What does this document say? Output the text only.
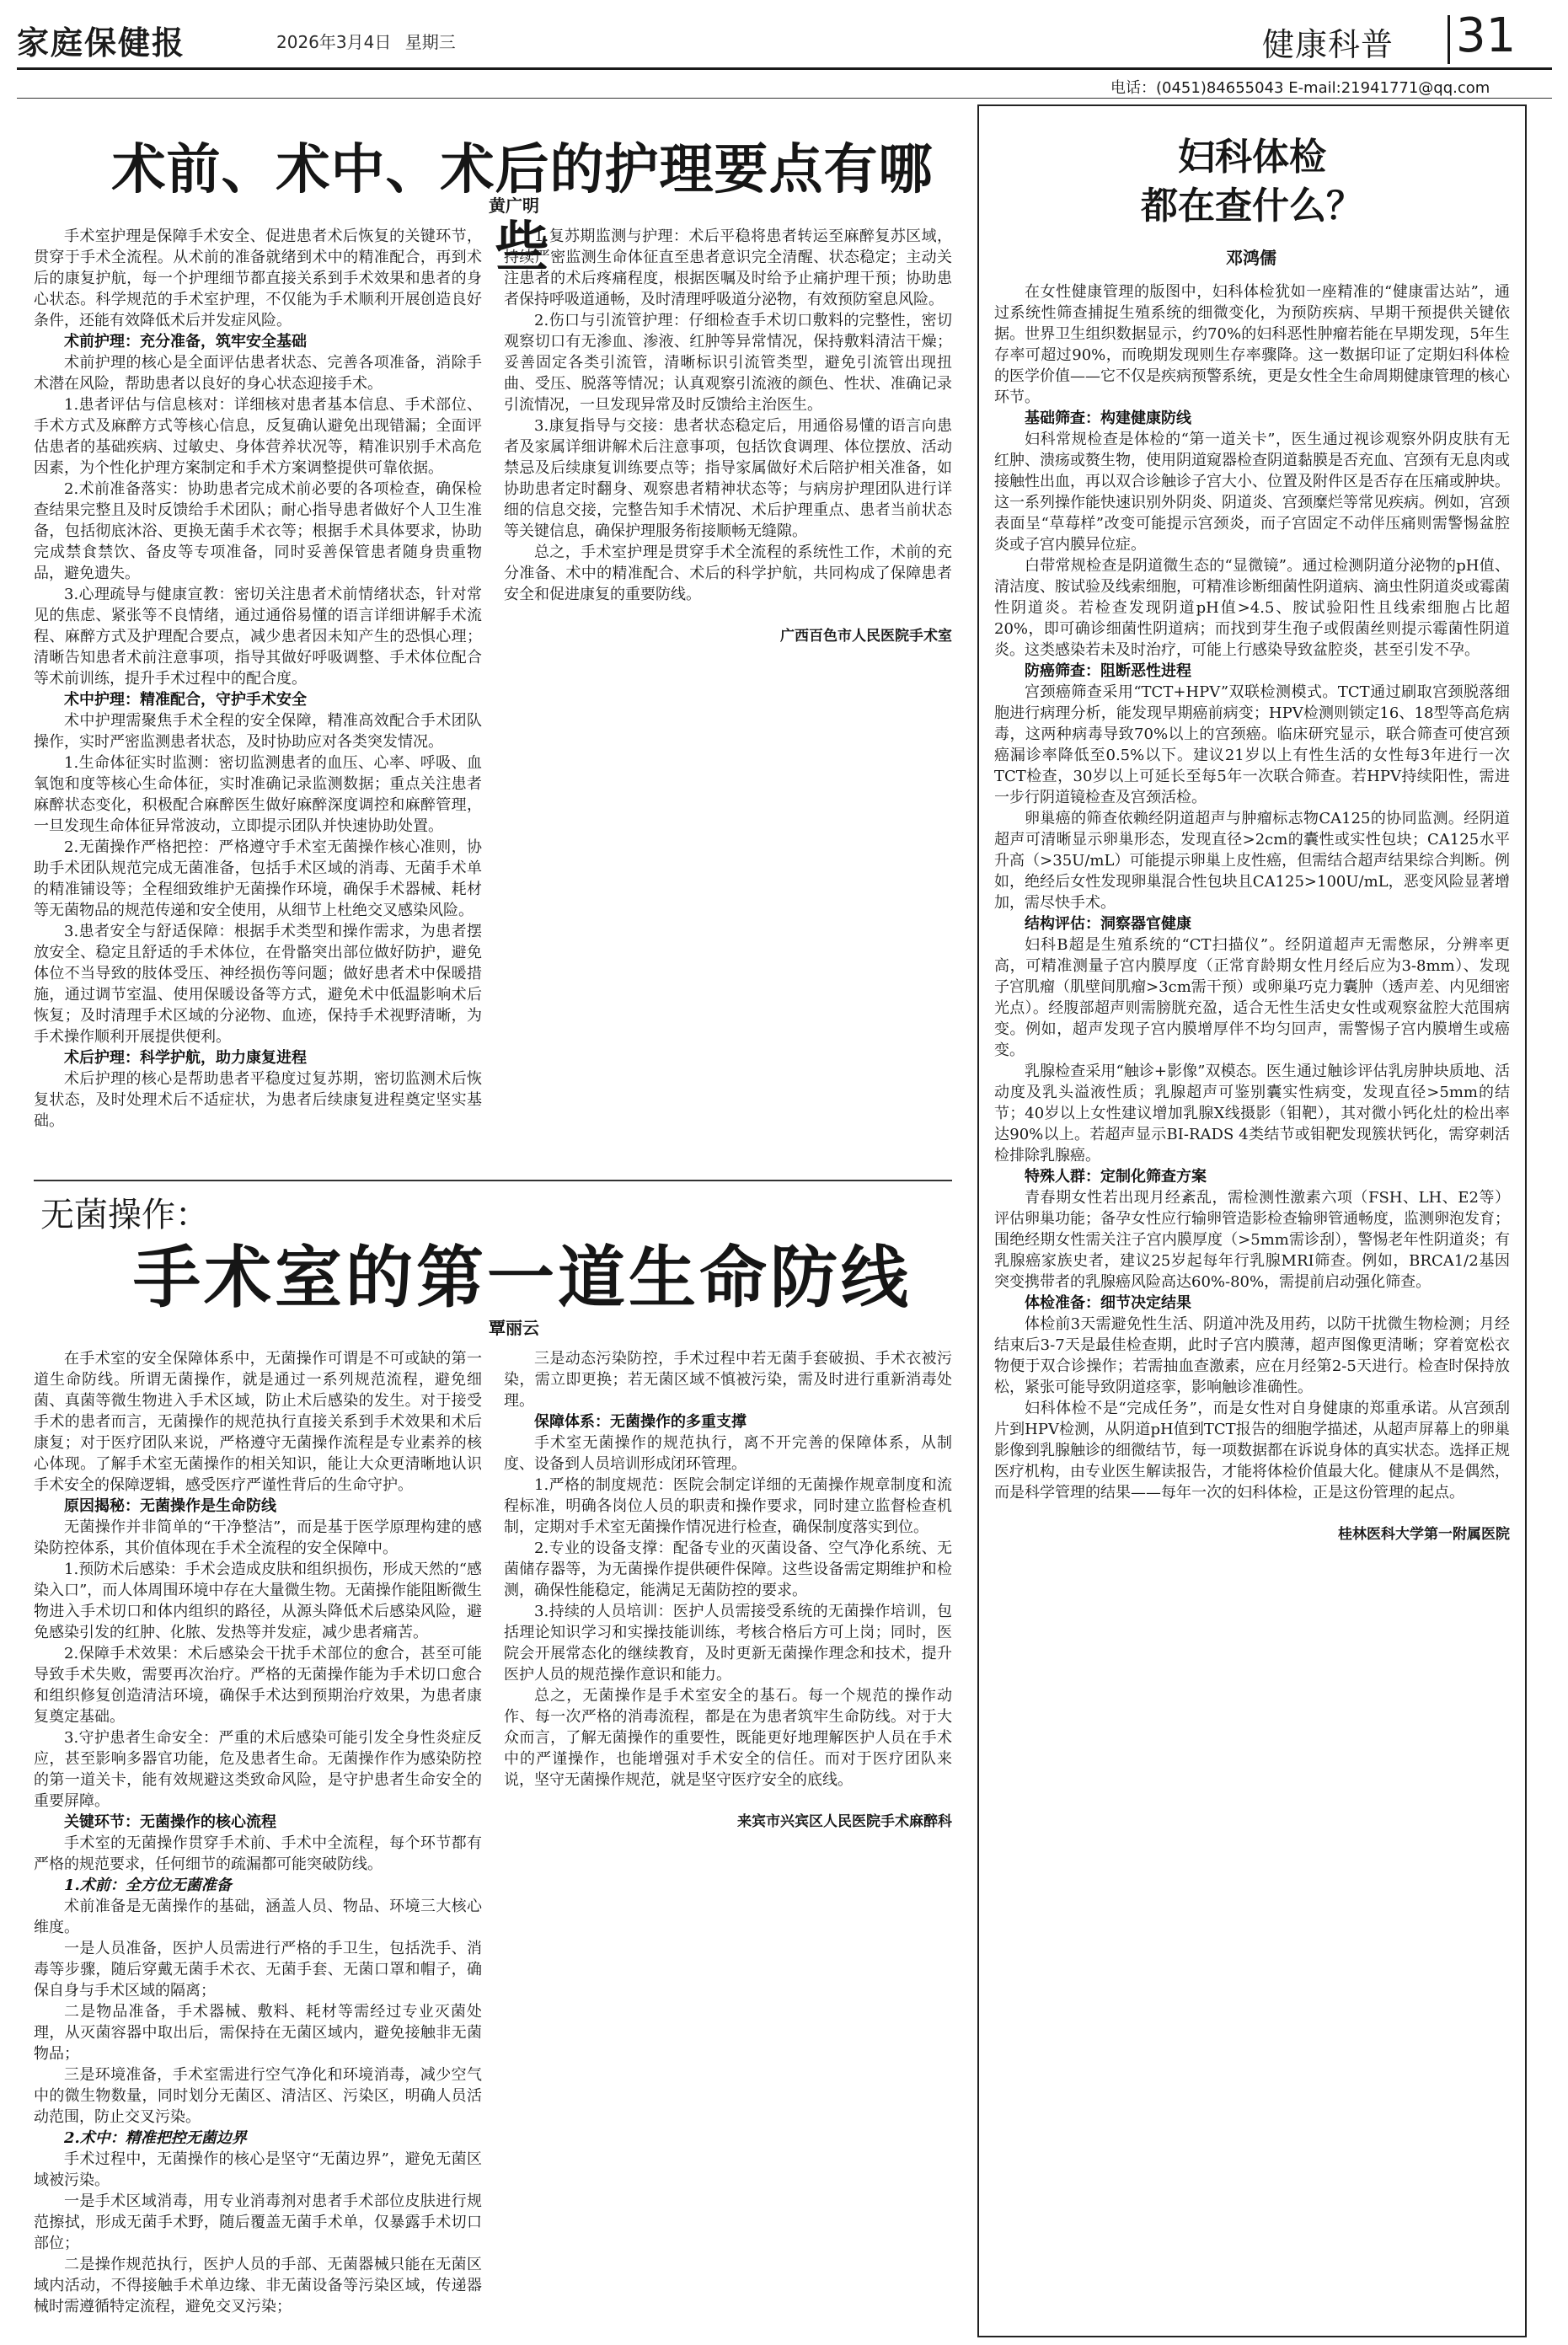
家庭保健报	2026年3月4日 星期三	健康科普 31
电话：(0451)84655043 E-mail:21941771@qq.com
术前、术中、术后的护理要点有哪些
黄广明

手术室护理是保障手术安全、促进患者术后恢复的关键环节，贯穿于手术全流程。从术前的准备就绪到术中的精准配合，再到术后的康复护航，每一个护理细节都直接关系到手术效果和患者的身心状态。科学规范的手术室护理，不仅能为手术顺利开展创造良好条件，还能有效降低术后并发症风险。

术前护理：充分准备，筑牢安全基础

术前护理的核心是全面评估患者状态、完善各项准备，消除手术潜在风险，帮助患者以良好的身心状态迎接手术。

1.患者评估与信息核对：详细核对患者基本信息、手术部位、手术方式及麻醉方式等核心信息，反复确认避免出现错漏；全面评估患者的基础疾病、过敏史、身体营养状况等，精准识别手术高危因素，为个性化护理方案制定和手术方案调整提供可靠依据。

2.术前准备落实：协助患者完成术前必要的各项检查，确保检查结果完整且及时反馈给手术团队；耐心指导患者做好个人卫生准备，包括彻底沐浴、更换无菌手术衣等；根据手术具体要求，协助完成禁食禁饮、备皮等专项准备，同时妥善保管患者随身贵重物品，避免遗失。

3.心理疏导与健康宣教：密切关注患者术前情绪状态，针对常见的焦虑、紧张等不良情绪，通过通俗易懂的语言详细讲解手术流程、麻醉方式及护理配合要点，减少患者因未知产生的恐惧心理；清晰告知患者术前注意事项，指导其做好呼吸调整、手术体位配合等术前训练，提升手术过程中的配合度。

术中护理：精准配合，守护手术安全

术中护理需聚焦手术全程的安全保障，精准高效配合手术团队操作，实时严密监测患者状态，及时协助应对各类突发情况。

1.生命体征实时监测：密切监测患者的血压、心率、呼吸、血氧饱和度等核心生命体征，实时准确记录监测数据；重点关注患者麻醉状态变化，积极配合麻醉医生做好麻醉深度调控和麻醉管理，一旦发现生命体征异常波动，立即提示团队并快速协助处置。

2.无菌操作严格把控：严格遵守手术室无菌操作核心准则，协助手术团队规范完成无菌准备，包括手术区域的消毒、无菌手术单的精准铺设等；全程细致维护无菌操作环境，确保手术器械、耗材等无菌物品的规范传递和安全使用，从细节上杜绝交叉感染风险。

3.患者安全与舒适保障：根据手术类型和操作需求，为患者摆放安全、稳定且舒适的手术体位，在骨骼突出部位做好防护，避免体位不当导致的肢体受压、神经损伤等问题；做好患者术中保暖措施，通过调节室温、使用保暖设备等方式，避免术中低温影响术后恢复；及时清理手术区域的分泌物、血迹，保持手术视野清晰，为手术操作顺利开展提供便利。

术后护理：科学护航，助力康复进程

术后护理的核心是帮助患者平稳度过复苏期，密切监测术后恢复状态，及时处理术后不适症状，为患者后续康复进程奠定坚实基础。

1.复苏期监测与护理：术后平稳将患者转运至麻醉复苏区域，持续严密监测生命体征直至患者意识完全清醒、状态稳定；主动关注患者的术后疼痛程度，根据医嘱及时给予止痛护理干预；协助患者保持呼吸道通畅，及时清理呼吸道分泌物，有效预防窒息风险。

2.伤口与引流管护理：仔细检查手术切口敷料的完整性，密切观察切口有无渗血、渗液、红肿等异常情况，保持敷料清洁干燥；妥善固定各类引流管，清晰标识引流管类型，避免引流管出现扭曲、受压、脱落等情况；认真观察引流液的颜色、性状、准确记录引流情况，一旦发现异常及时反馈给主治医生。

3.康复指导与交接：患者状态稳定后，用通俗易懂的语言向患者及家属详细讲解术后注意事项，包括饮食调理、体位摆放、活动禁忌及后续康复训练要点等；指导家属做好术后陪护相关准备，如协助患者定时翻身、观察患者精神状态等；与病房护理团队进行详细的信息交接，完整告知手术情况、术后护理重点、患者当前状态等关键信息，确保护理服务衔接顺畅无缝隙。

总之，手术室护理是贯穿手术全流程的系统性工作，术前的充分准备、术中的精准配合、术后的科学护航，共同构成了保障患者安全和促进康复的重要防线。

广西百色市人民医院手术室
无菌操作：
手术室的第一道生命防线
覃丽云

在手术室的安全保障体系中，无菌操作可谓是不可或缺的第一道生命防线。所谓无菌操作，就是通过一系列规范流程，避免细菌、真菌等微生物进入手术区域，防止术后感染的发生。对于接受手术的患者而言，无菌操作的规范执行直接关系到手术效果和术后康复；对于医疗团队来说，严格遵守无菌操作流程是专业素养的核心体现。了解手术室无菌操作的相关知识，能让大众更清晰地认识手术安全的保障逻辑，感受医疗严谨性背后的生命守护。

原因揭秘：无菌操作是生命防线

无菌操作并非简单的“干净整洁”，而是基于医学原理构建的感染防控体系，其价值体现在手术全流程的安全保障中。

1.预防术后感染：手术会造成皮肤和组织损伤，形成天然的“感染入口”，而人体周围环境中存在大量微生物。无菌操作能阻断微生物进入手术切口和体内组织的路径，从源头降低术后感染风险，避免感染引发的红肿、化脓、发热等并发症，减少患者痛苦。

2.保障手术效果：术后感染会干扰手术部位的愈合，甚至可能导致手术失败，需要再次治疗。严格的无菌操作能为手术切口愈合和组织修复创造清洁环境，确保手术达到预期治疗效果，为患者康复奠定基础。

3.守护患者生命安全：严重的术后感染可能引发全身性炎症反应，甚至影响多器官功能，危及患者生命。无菌操作作为感染防控的第一道关卡，能有效规避这类致命风险，是守护患者生命安全的重要屏障。

关键环节：无菌操作的核心流程

手术室的无菌操作贯穿手术前、手术中全流程，每个环节都有严格的规范要求，任何细节的疏漏都可能突破防线。

1.术前：全方位无菌准备

术前准备是无菌操作的基础，涵盖人员、物品、环境三大核心维度。

一是人员准备，医护人员需进行严格的手卫生，包括洗手、消毒等步骤，随后穿戴无菌手术衣、无菌手套、无菌口罩和帽子，确保自身与手术区域的隔离；

二是物品准备，手术器械、敷料、耗材等需经过专业灭菌处理，从灭菌容器中取出后，需保持在无菌区域内，避免接触非无菌物品；

三是环境准备，手术室需进行空气净化和环境消毒，减少空气中的微生物数量，同时划分无菌区、清洁区、污染区，明确人员活动范围，防止交叉污染。

2.术中：精准把控无菌边界

手术过程中，无菌操作的核心是坚守“无菌边界”，避免无菌区域被污染。

一是手术区域消毒，用专业消毒剂对患者手术部位皮肤进行规范擦拭，形成无菌手术野，随后覆盖无菌手术单，仅暴露手术切口部位；

二是操作规范执行，医护人员的手部、无菌器械只能在无菌区域内活动，不得接触手术单边缘、非无菌设备等污染区域，传递器械时需遵循特定流程，避免交叉污染；

三是动态污染防控，手术过程中若无菌手套破损、手术衣被污染，需立即更换；若无菌区域不慎被污染，需及时进行重新消毒处理。

保障体系：无菌操作的多重支撑

手术室无菌操作的规范执行，离不开完善的保障体系，从制度、设备到人员培训形成闭环管理。

1.严格的制度规范：医院会制定详细的无菌操作规章制度和流程标准，明确各岗位人员的职责和操作要求，同时建立监督检查机制，定期对手术室无菌操作情况进行检查，确保制度落实到位。

2.专业的设备支撑：配备专业的灭菌设备、空气净化系统、无菌储存器等，为无菌操作提供硬件保障。这些设备需定期维护和检测，确保性能稳定，能满足无菌防控的要求。

3.持续的人员培训：医护人员需接受系统的无菌操作培训，包括理论知识学习和实操技能训练，考核合格后方可上岗；同时，医院会开展常态化的继续教育，及时更新无菌操作理念和技术，提升医护人员的规范操作意识和能力。

总之，无菌操作是手术室安全的基石。每一个规范的操作动作、每一次严格的消毒流程，都是在为患者筑牢生命防线。对于大众而言，了解无菌操作的重要性，既能更好地理解医护人员在手术中的严谨操作，也能增强对手术安全的信任。而对于医疗团队来说，坚守无菌操作规范，就是坚守医疗安全的底线。

来宾市兴宾区人民医院手术麻醉科
妇科体检
都在查什么？
邓鸿儒

在女性健康管理的版图中，妇科体检犹如一座精准的“健康雷达站”，通过系统性筛查捕捉生殖系统的细微变化，为预防疾病、早期干预提供关键依据。世界卫生组织数据显示，约70%的妇科恶性肿瘤若能在早期发现，5年生存率可超过90%，而晚期发现则生存率骤降。这一数据印证了定期妇科体检的医学价值——它不仅是疾病预警系统，更是女性全生命周期健康管理的核心环节。

基础筛查：构建健康防线

妇科常规检查是体检的“第一道关卡”，医生通过视诊观察外阴皮肤有无红肿、溃疡或赘生物，使用阴道窥器检查阴道黏膜是否充血、宫颈有无息肉或接触性出血，再以双合诊触诊子宫大小、位置及附件区是否存在压痛或肿块。这一系列操作能快速识别外阴炎、阴道炎、宫颈糜烂等常见疾病。例如，宫颈表面呈“草莓样”改变可能提示宫颈炎，而子宫固定不动伴压痛则需警惕盆腔炎或子宫内膜异位症。

白带常规检查是阴道微生态的“显微镜”。通过检测阴道分泌物的pH值、清洁度、胺试验及线索细胞，可精准诊断细菌性阴道病、滴虫性阴道炎或霉菌性阴道炎。若检查发现阴道pH值>4.5、胺试验阳性且线索细胞占比超20%，即可确诊细菌性阴道病；而找到芽生孢子或假菌丝则提示霉菌性阴道炎。这类感染若未及时治疗，可能上行感染导致盆腔炎，甚至引发不孕。

防癌筛查：阻断恶性进程

宫颈癌筛查采用“TCT+HPV”双联检测模式。TCT通过刷取宫颈脱落细胞进行病理分析，能发现早期癌前病变；HPV检测则锁定16、18型等高危病毒，这两种病毒导致70%以上的宫颈癌。临床研究显示，联合筛查可使宫颈癌漏诊率降低至0.5%以下。建议21岁以上有性生活的女性每3年进行一次TCT检查，30岁以上可延长至每5年一次联合筛查。若HPV持续阳性，需进一步行阴道镜检查及宫颈活检。

卵巢癌的筛查依赖经阴道超声与肿瘤标志物CA125的协同监测。经阴道超声可清晰显示卵巢形态，发现直径>2cm的囊性或实性包块；CA125水平升高（>35U/mL）可能提示卵巢上皮性癌，但需结合超声结果综合判断。例如，绝经后女性发现卵巢混合性包块且CA125>100U/mL，恶变风险显著增加，需尽快手术。

结构评估：洞察器官健康

妇科B超是生殖系统的“CT扫描仪”。经阴道超声无需憋尿，分辨率更高，可精准测量子宫内膜厚度（正常育龄期女性月经后应为3-8mm）、发现子宫肌瘤（肌壁间肌瘤>3cm需干预）或卵巢巧克力囊肿（透声差、内见细密光点）。经腹部超声则需膀胱充盈，适合无性生活史女性或观察盆腔大范围病变。例如，超声发现子宫内膜增厚伴不均匀回声，需警惕子宫内膜增生或癌变。

乳腺检查采用“触诊+影像”双模态。医生通过触诊评估乳房肿块质地、活动度及乳头溢液性质；乳腺超声可鉴别囊实性病变，发现直径>5mm的结节；40岁以上女性建议增加乳腺X线摄影（钼靶），其对微小钙化灶的检出率达90%以上。若超声显示BI-RADS 4类结节或钼靶发现簇状钙化，需穿刺活检排除乳腺癌。

特殊人群：定制化筛查方案

青春期女性若出现月经紊乱，需检测性激素六项（FSH、LH、E2等）评估卵巢功能；备孕女性应行输卵管造影检查输卵管通畅度，监测卵泡发育；围绝经期女性需关注子宫内膜厚度（>5mm需诊刮），警惕老年性阴道炎；有乳腺癌家族史者，建议25岁起每年行乳腺MRI筛查。例如，BRCA1/2基因突变携带者的乳腺癌风险高达60%-80%，需提前启动强化筛查。

体检准备：细节决定结果

体检前3天需避免性生活、阴道冲洗及用药，以防干扰微生物检测；月经结束后3-7天是最佳检查期，此时子宫内膜薄，超声图像更清晰；穿着宽松衣物便于双合诊操作；若需抽血查激素，应在月经第2-5天进行。检查时保持放松，紧张可能导致阴道痉挛，影响触诊准确性。

妇科体检不是“完成任务”，而是女性对自身健康的郑重承诺。从宫颈刮片到HPV检测，从阴道pH值到TCT报告的细胞学描述，从超声屏幕上的卵巢影像到乳腺触诊的细微结节，每一项数据都在诉说身体的真实状态。选择正规医疗机构，由专业医生解读报告，才能将体检价值最大化。健康从不是偶然，而是科学管理的结果——每年一次的妇科体检，正是这份管理的起点。

桂林医科大学第一附属医院
